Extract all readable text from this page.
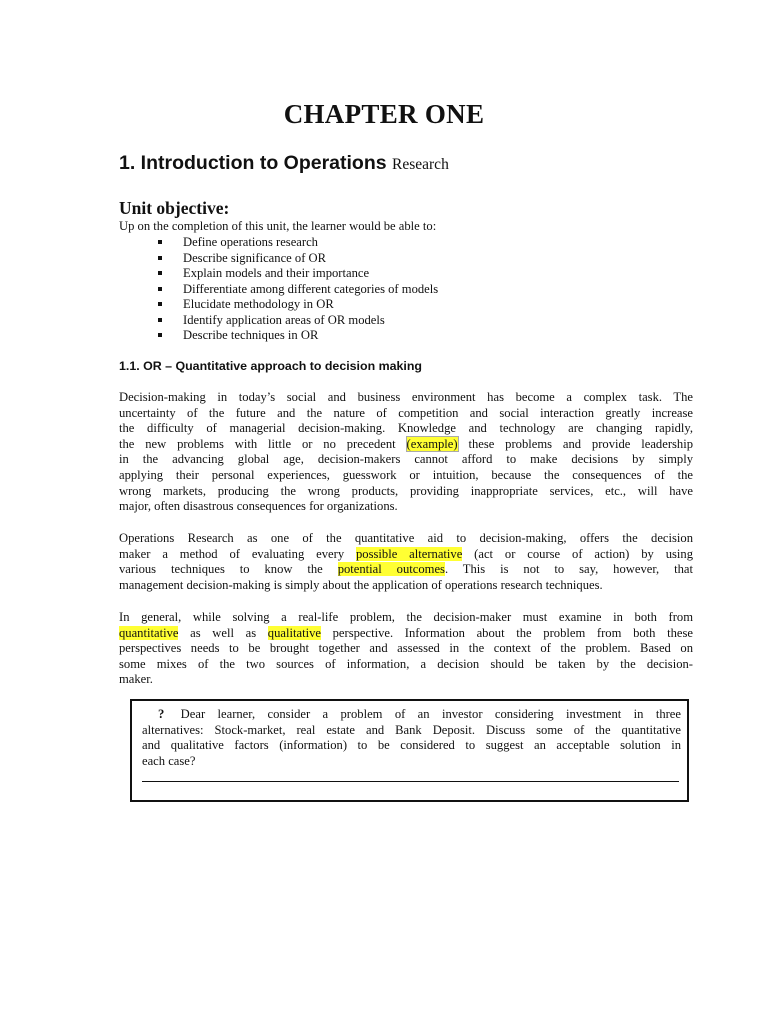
CHAPTER ONE
1. Introduction to Operations Research
Unit objective:
Up on the completion of this unit, the learner would be able to:
Define operations research
Describe significance of OR
Explain models and their importance
Differentiate among different categories of models
Elucidate methodology in OR
Identify application areas of OR models
Describe techniques in OR
1.1. OR – Quantitative approach to decision making
Decision-making in today’s social and business environment has become a complex task. The
uncertainty of the future and the nature of competition and social interaction greatly increase
the difficulty of managerial decision-making. Knowledge and technology are changing rapidly,
the new problems with little or no precedent (example) these problems and provide leadership
in the advancing global age, decision-makers cannot afford to make decisions by simply
applying their personal experiences, guesswork or intuition, because the consequences of the
wrong markets, producing the wrong products, providing inappropriate services, etc., will have
major, often disastrous consequences for organizations.
Operations Research as one of the quantitative aid to decision-making, offers the decision
maker a method of evaluating every possible alternative (act or course of action) by using
various techniques to know the potential outcomes. This is not to say, however, that
management decision-making is simply about the application of operations research techniques.
In general, while solving a real-life problem, the decision-maker must examine in both from
quantitative as well as qualitative perspective. Information about the problem from both these
perspectives needs to be brought together and assessed in the context of the problem. Based on
some mixes of the two sources of information, a decision should be taken by the decision-
maker.
? Dear learner, consider a problem of an investor considering investment in three
alternatives: Stock-market, real estate and Bank Deposit. Discuss some of the quantitative
and qualitative factors (information) to be considered to suggest an acceptable solution in
each case?
